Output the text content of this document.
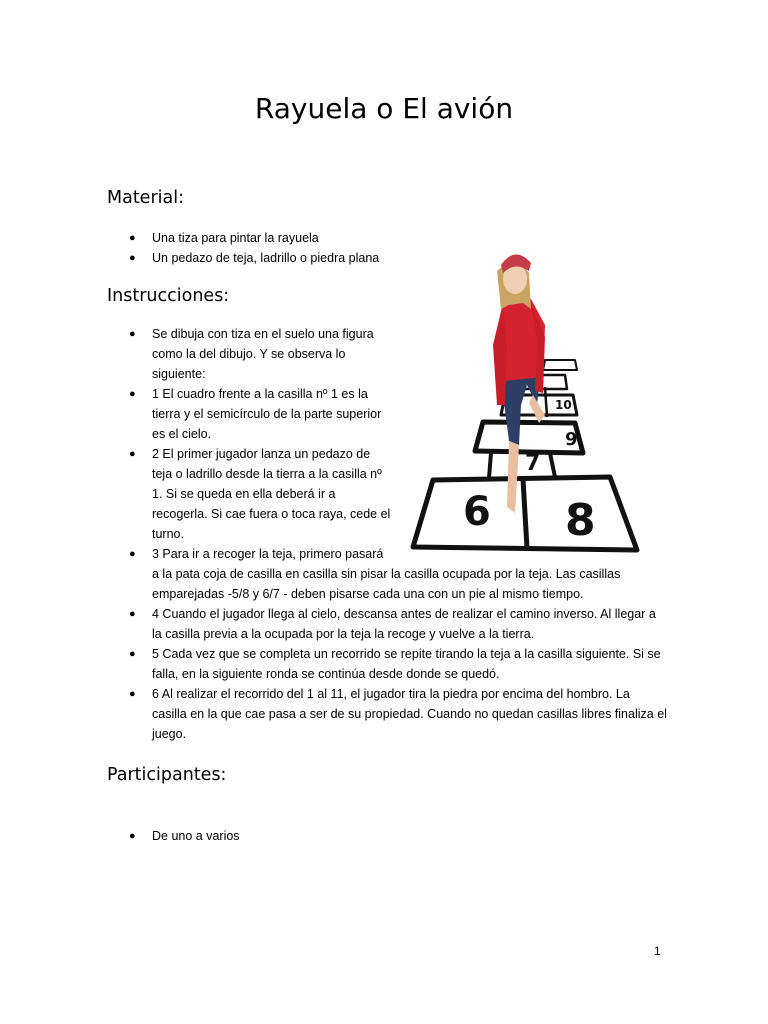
Rayuela o El avión
Material:
● Una tiza para pintar la rayuela
● Un pedazo de teja, ladrillo o piedra plana
Instrucciones:
● Se dibuja con tiza en el suelo una figura
como la del dibujo. Y se observa lo
siguiente:
● 1 El cuadro frente a la casilla nº 1 es la
tierra y el semicírculo de la parte superior
es el cielo.
● 2 El primer jugador lanza un pedazo de
teja o ladrillo desde la tierra a la casilla nº
1. Si se queda en ella deberá ir a
recogerla. Si cae fuera o toca raya, cede el
turno.
● 3 Para ir a recoger la teja, primero pasará
a la pata coja de casilla en casilla sin pisar la casilla ocupada por la teja. Las casillas
emparejadas -5/8 y 6/7 - deben pisarse cada una con un pie al mismo tiempo.
● 4 Cuando el jugador llega al cielo, descansa antes de realizar el camino inverso. Al llegar a
la casilla previa a la ocupada por la teja la recoge y vuelve a la tierra.
● 5 Cada vez que se completa un recorrido se repite tirando la teja a la casilla siguiente. Si se
falla, en la siguiente ronda se continúa desde donde se quedó.
● 6 Al realizar el recorrido del 1 al 11, el jugador tira la piedra por encima del hombro. La
casilla en la que cae pasa a ser de su propiedad. Cuando no quedan casillas libres finaliza el
juego.
Participantes:
● De uno a varios
6 8
7
9
10
1
